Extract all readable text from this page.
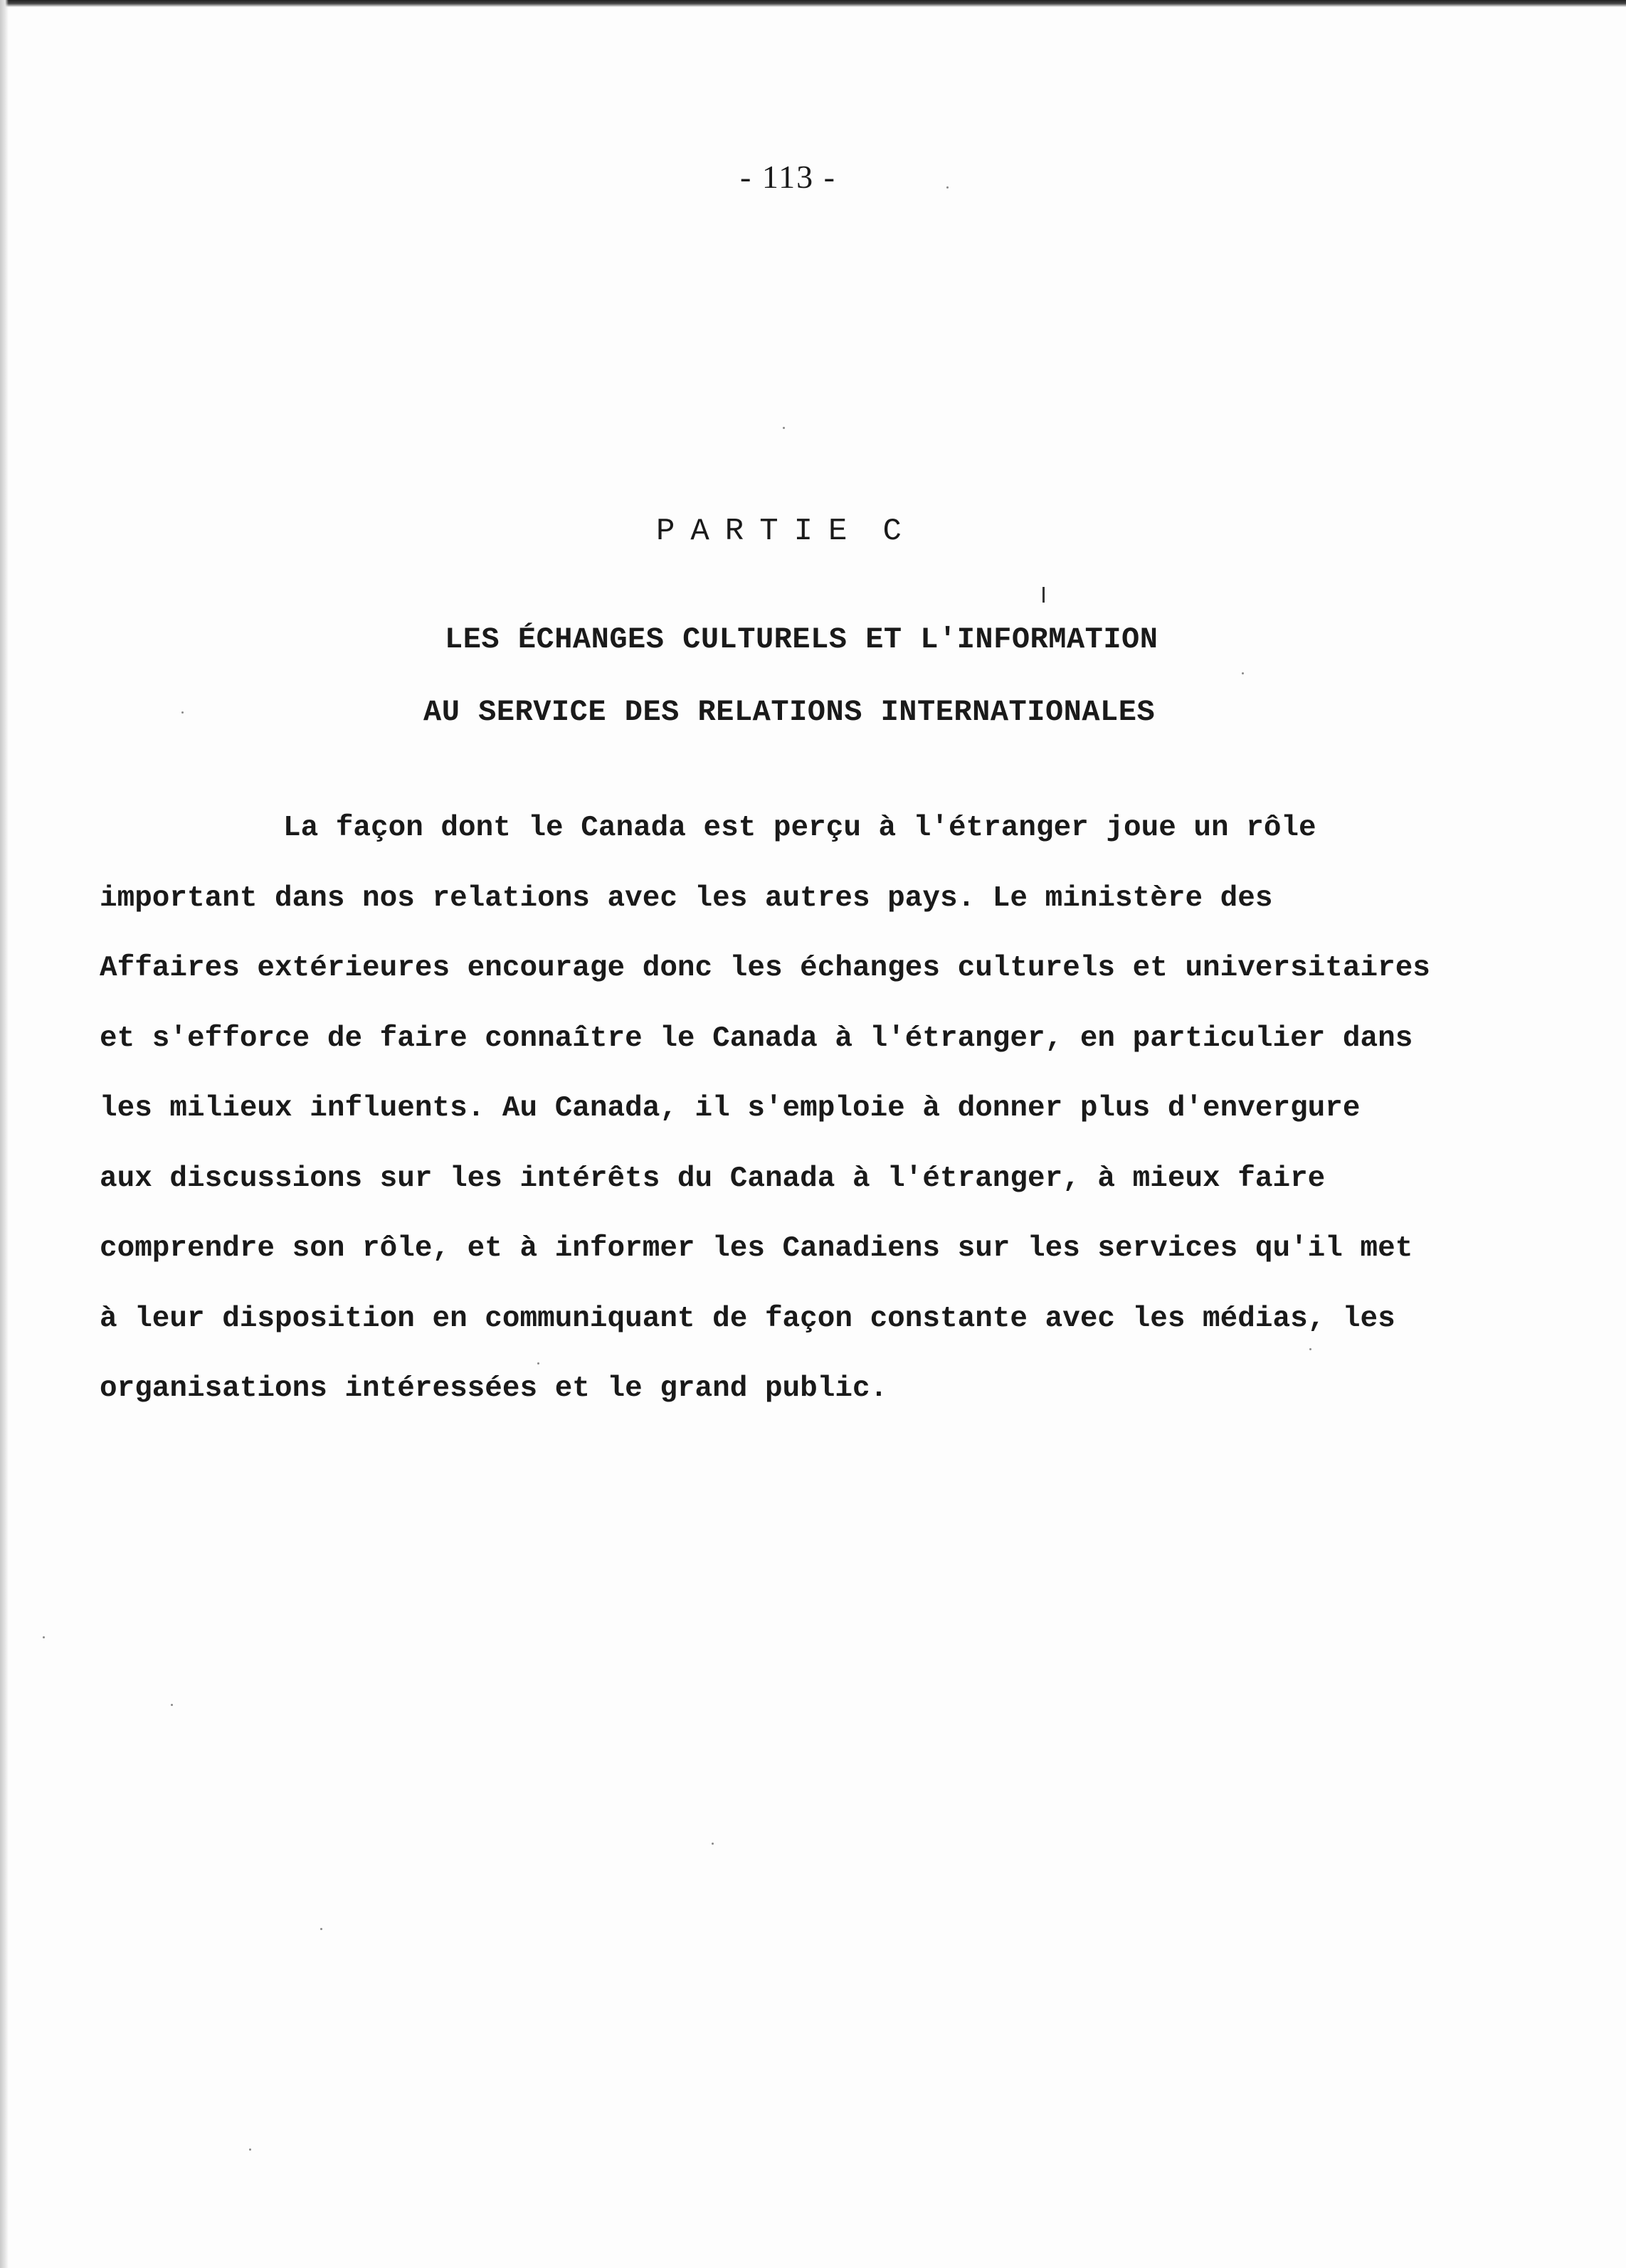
- 113 -
PARTIE C
LES ÉCHANGES CULTURELS ET L'INFORMATION
AU SERVICE DES RELATIONS INTERNATIONALES
La façon dont le Canada est perçu à l'étranger joue un rôle
important dans nos relations avec les autres pays. Le ministère des
Affaires extérieures encourage donc les échanges culturels et universitaires
et s'efforce de faire connaître le Canada à l'étranger, en particulier dans
les milieux influents. Au Canada, il s'emploie à donner plus d'envergure
aux discussions sur les intérêts du Canada à l'étranger, à mieux faire
comprendre son rôle, et à informer les Canadiens sur les services qu'il met
à leur disposition en communiquant de façon constante avec les médias, les
organisations intéressées et le grand public.
